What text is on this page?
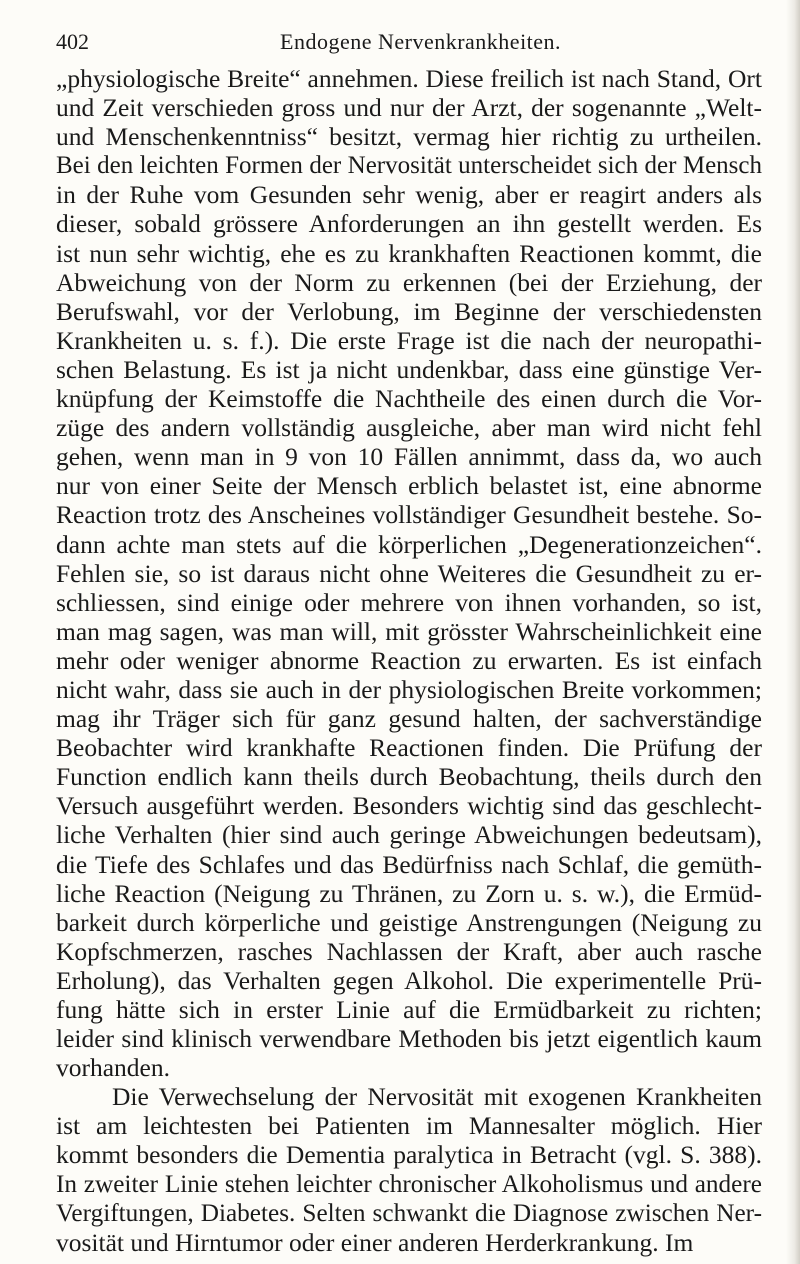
402	Endogene Nervenkrankheiten.
„physiologische Breite“ annehmen. Diese freilich ist nach Stand, Ort
und Zeit verschieden gross und nur der Arzt, der sogenannte „Welt-
und Menschenkenntniss“ besitzt, vermag hier richtig zu urtheilen.
Bei den leichten Formen der Nervosität unterscheidet sich der Mensch
in der Ruhe vom Gesunden sehr wenig, aber er reagirt anders als
dieser, sobald grössere Anforderungen an ihn gestellt werden. Es
ist nun sehr wichtig, ehe es zu krankhaften Reactionen kommt, die
Abweichung von der Norm zu erkennen (bei der Erziehung, der
Berufswahl, vor der Verlobung, im Beginne der verschiedensten
Krankheiten u. s. f.). Die erste Frage ist die nach der neuropathi-
schen Belastung. Es ist ja nicht undenkbar, dass eine günstige Ver-
knüpfung der Keimstoffe die Nachtheile des einen durch die Vor-
züge des andern vollständig ausgleiche, aber man wird nicht fehl
gehen, wenn man in 9 von 10 Fällen annimmt, dass da, wo auch
nur von einer Seite der Mensch erblich belastet ist, eine abnorme
Reaction trotz des Anscheines vollständiger Gesundheit bestehe. So-
dann achte man stets auf die körperlichen „Degenerationzeichen“.
Fehlen sie, so ist daraus nicht ohne Weiteres die Gesundheit zu er-
schliessen, sind einige oder mehrere von ihnen vorhanden, so ist,
man mag sagen, was man will, mit grösster Wahrscheinlichkeit eine
mehr oder weniger abnorme Reaction zu erwarten. Es ist einfach
nicht wahr, dass sie auch in der physiologischen Breite vorkommen;
mag ihr Träger sich für ganz gesund halten, der sachverständige
Beobachter wird krankhafte Reactionen finden. Die Prüfung der
Function endlich kann theils durch Beobachtung, theils durch den
Versuch ausgeführt werden. Besonders wichtig sind das geschlecht-
liche Verhalten (hier sind auch geringe Abweichungen bedeutsam),
die Tiefe des Schlafes und das Bedürfniss nach Schlaf, die gemüth-
liche Reaction (Neigung zu Thränen, zu Zorn u. s. w.), die Ermüd-
barkeit durch körperliche und geistige Anstrengungen (Neigung zu
Kopfschmerzen, rasches Nachlassen der Kraft, aber auch rasche
Erholung), das Verhalten gegen Alkohol. Die experimentelle Prü-
fung hätte sich in erster Linie auf die Ermüdbarkeit zu richten;
leider sind klinisch verwendbare Methoden bis jetzt eigentlich kaum
vorhanden.
Die Verwechselung der Nervosität mit exogenen Krankheiten
ist am leichtesten bei Patienten im Mannesalter möglich. Hier
kommt besonders die Dementia paralytica in Betracht (vgl. S. 388).
In zweiter Linie stehen leichter chronischer Alkoholismus und andere
Vergiftungen, Diabetes. Selten schwankt die Diagnose zwischen Ner-
vosität und Hirntumor oder einer anderen Herderkrankung. Im
